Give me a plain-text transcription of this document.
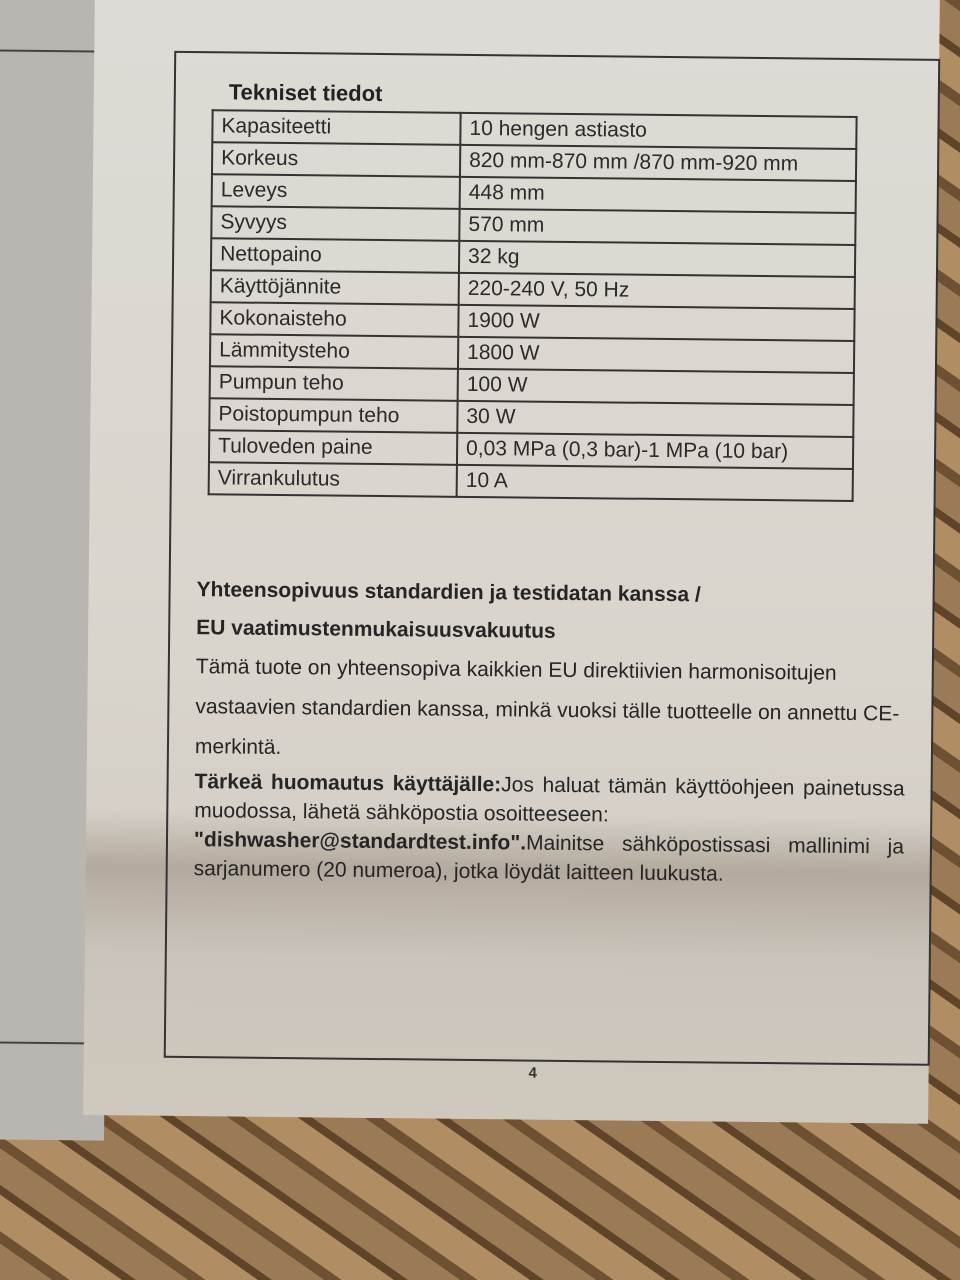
Tekniset tiedot
Kapasiteetti	10 hengen astiasto
Korkeus	820 mm-870 mm /870 mm-920 mm
Leveys	448 mm
Syvyys	570 mm
Nettopaino	32 kg
Käyttöjännite	220-240 V, 50 Hz
Kokonaisteho	1900 W
Lämmitysteho	1800 W
Pumpun teho	100 W
Poistopumpun teho	30 W
Tuloveden paine	0,03 MPa (0,3 bar)-1 MPa (10 bar)
Virrankulutus	10 A

Yhteensopivuus standardien ja testidatan kanssa /

EU vaatimustenmukaisuusvakuutus

Tämä tuote on yhteensopiva kaikkien EU direktiivien harmonisoitujen vastaavien standardien kanssa, minkä vuoksi tälle tuotteelle on annettu CE-merkintä.

Tärkeä huomautus käyttäjälle:Jos haluat tämän käyttöohjeen painetussa muodossa, lähetä sähköpostia osoitteeseen:

"dishwasher@standardtest.info".Mainitse sähköpostissasi mallinimi ja sarjanumero (20 numeroa), jotka löydät laitteen luukusta.

4
